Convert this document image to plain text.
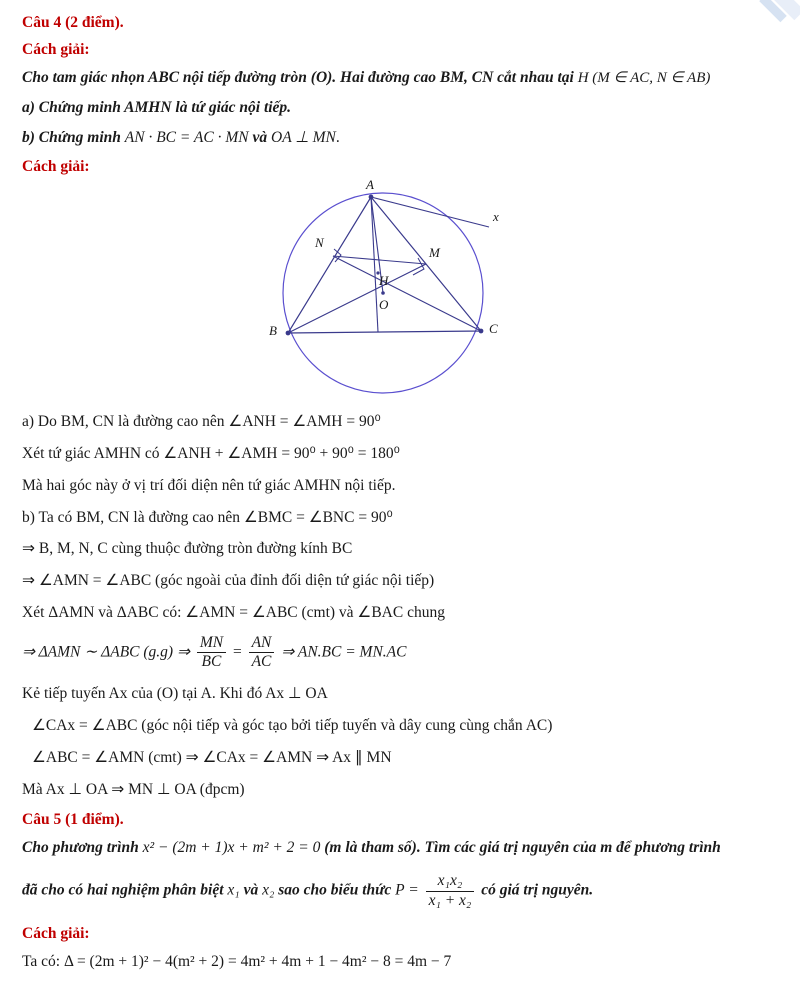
Câu 4 (2 điểm).
Cách giải:
Cho tam giác nhọn ABC nội tiếp đường tròn (O). Hai đường cao BM, CN cắt nhau tại H (M ∈ AC, N ∈ AB)
a) Chứng minh AMHN là tứ giác nội tiếp.
b) Chứng minh AN · BC = AC · MN và OA ⊥ MN.
Cách giải:
A
N
M
H
O
B	C
x
a) Do BM, CN là đường cao nên ∠ANH = ∠AMH = 90⁰
Xét tứ giác AMHN có ∠ANH + ∠AMH = 90⁰ + 90⁰ = 180⁰
Mà hai góc này ở vị trí đối diện nên tứ giác AMHN nội tiếp.
b) Ta có BM, CN là đường cao nên ∠BMC = ∠BNC = 90⁰
⇒ B, M, N, C cùng thuộc đường tròn đường kính BC
⇒ ∠AMN = ∠ABC (góc ngoài của đỉnh đối diện tứ giác nội tiếp)
Xét ΔAMN và ΔABC có: ∠AMN = ∠ABC (cmt) và ∠BAC chung
⇒ ΔAMN ∼ ΔABC (g.g) ⇒ $\frac{MN}{BC} = \frac{AN}{AC}$ ⇒ AN.BC = MN.AC
Kẻ tiếp tuyến Ax của (O) tại A. Khi đó Ax ⊥ OA
∠CAx = ∠ABC (góc nội tiếp và góc tạo bởi tiếp tuyến và dây cung cùng chắn AC)
∠ABC = ∠AMN (cmt) ⇒ ∠CAx = ∠AMN ⇒ Ax ∥ MN
Mà Ax ⊥ OA ⇒ MN ⊥ OA (đpcm)
Câu 5 (1 điểm).
Cho phương trình x² − (2m + 1)x + m² + 2 = 0 (m là tham số). Tìm các giá trị nguyên của m để phương trình
đã cho có hai nghiệm phân biệt x₁ và x₂ sao cho biểu thức $P = \frac{\text{x₁x₂}}{\text{x₁ + x₂}}$ có giá trị nguyên.
Cách giải:
Ta có: Δ = (2m + 1)² − 4(m² + 2) = 4m² + 4m + 1 − 4m² − 8 = 4m − 7
